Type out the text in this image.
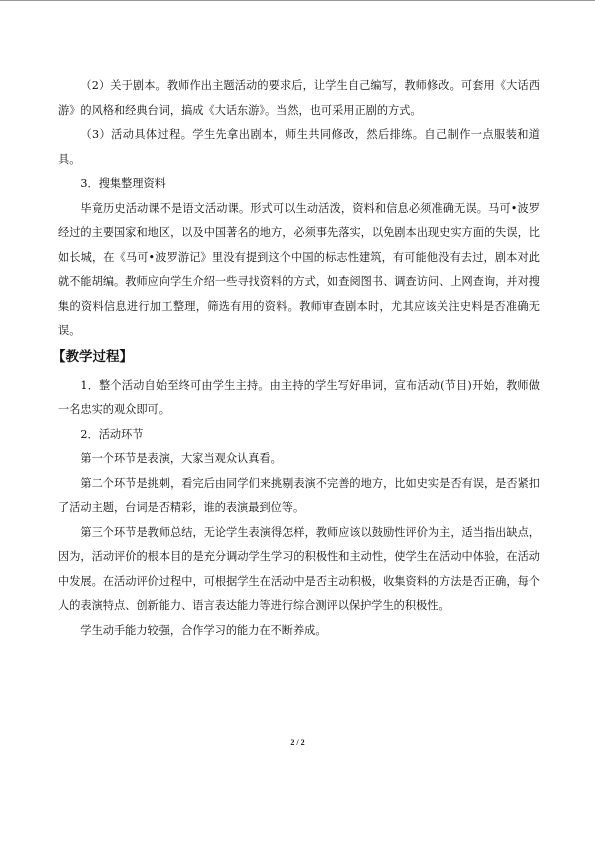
（2）关于剧本。教师作出主题活动的要求后，让学生自己编写，教师修改。可套用《大话西游》的风格和经典台词，搞成《大话东游》。当然，也可采用正剧的方式。

（3）活动具体过程。学生先拿出剧本，师生共同修改，然后排练。自己制作一点服装和道具。

3．搜集整理资料

毕竟历史活动课不是语文活动课。形式可以生动活泼，资料和信息必须准确无误。马可•波罗经过的主要国家和地区，以及中国著名的地方，必须事先落实，以免剧本出现史实方面的失误，比如长城，在《马可•波罗游记》里没有提到这个中国的标志性建筑，有可能他没有去过，剧本对此就不能胡编。教师应向学生介绍一些寻找资料的方式，如查阅图书、调查访问、上网查询，并对搜集的资料信息进行加工整理，筛选有用的资料。教师审查剧本时，尤其应该关注史料是否准确无误。

【教学过程】

1．整个活动自始至终可由学生主持。由主持的学生写好串词，宣布活动(节目)开始，教师做一名忠实的观众即可。

2．活动环节

第一个环节是表演，大家当观众认真看。

第二个环节是挑刺，看完后由同学们来挑剔表演不完善的地方，比如史实是否有误，是否紧扣了活动主题，台词是否精彩，谁的表演最到位等。

第三个环节是教师总结，无论学生表演得怎样，教师应该以鼓励性评价为主，适当指出缺点，因为，活动评价的根本目的是充分调动学生学习的积极性和主动性，使学生在活动中体验，在活动中发展。在活动评价过程中，可根据学生在活动中是否主动积极，收集资料的方法是否正确，每个人的表演特点、创新能力、语言表达能力等进行综合测评以保护学生的积极性。

学生动手能力较强，合作学习的能力在不断养成。

2 / 2
